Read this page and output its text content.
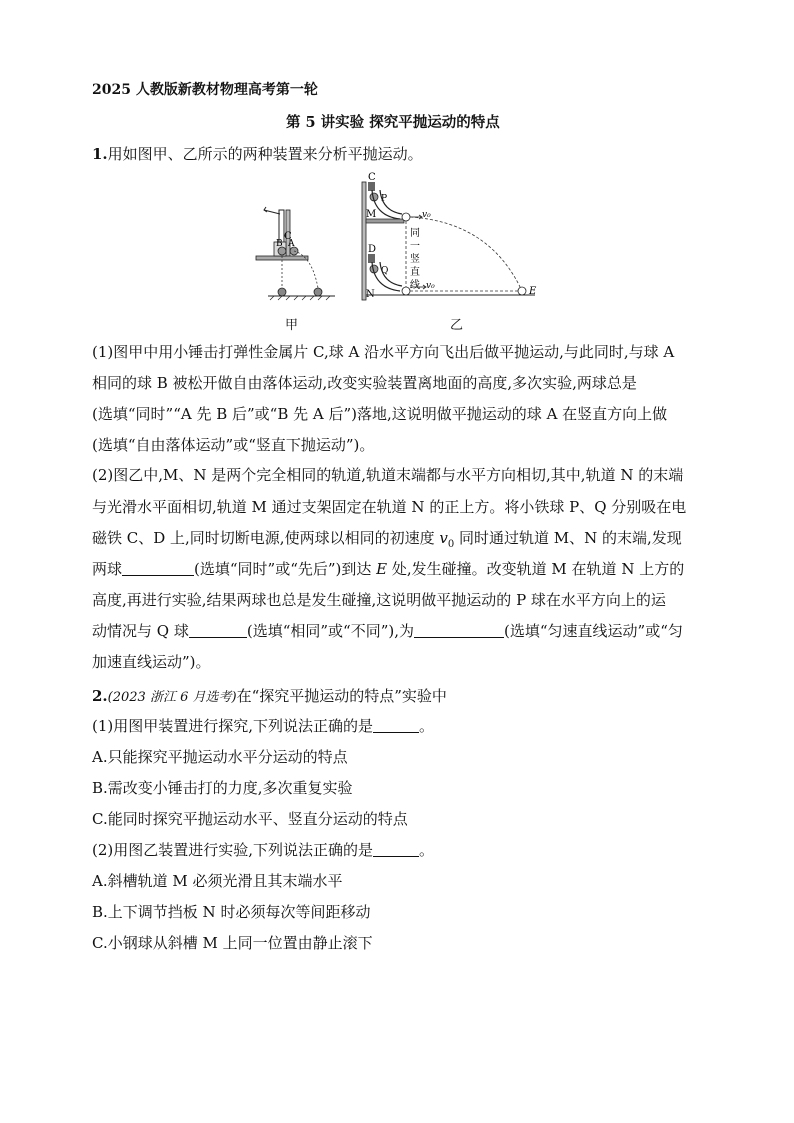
2025 人教版新教材物理高考第一轮
第 5 讲实验 探究平抛运动的特点
1.用如图甲、乙所示的两种装置来分析平抛运动。
C
B A
C
P
M	v₀
同
一
竖
直
线
D
Q
N
v₀	E
甲	乙
(1)图甲中用小锤击打弹性金属片 C,球 A 沿水平方向飞出后做平抛运动,与此同时,与球 A
相同的球 B 被松开做自由落体运动,改变实验装置离地面的高度,多次实验,两球总是
(选填“同时”“A 先 B 后”或“B 先 A 后”)落地,这说明做平抛运动的球 A 在竖直方向上做
(选填“自由落体运动”或“竖直下抛运动”)。
(2)图乙中,M、N 是两个完全相同的轨道,轨道末端都与水平方向相切,其中,轨道 N 的末端
与光滑水平面相切,轨道 M 通过支架固定在轨道 N 的正上方。将小铁球 P、Q 分别吸在电
磁铁 C、D 上,同时切断电源,使两球以相同的初速度 $v_0$ 同时通过轨道 M、N 的末端,发现
两球	(选填“同时”或“先后”)到达 E 处,发生碰撞。改变轨道 M 在轨道 N 上方的
高度,再进行实验,结果两球也总是发生碰撞,这说明做平抛运动的 P 球在水平方向上的运
动情况与 Q 球	(选填“相同”或“不同”),为	(选填“匀速直线运动”或“匀
加速直线运动”)。
2.(2023 浙江 6 月选考)在“探究平抛运动的特点”实验中
(1)用图甲装置进行探究,下列说法正确的是	。
A.只能探究平抛运动水平分运动的特点
B.需改变小锤击打的力度,多次重复实验
C.能同时探究平抛运动水平、竖直分运动的特点
(2)用图乙装置进行实验,下列说法正确的是	。
A.斜槽轨道 M 必须光滑且其末端水平
B.上下调节挡板 N 时必须每次等间距移动
C.小钢球从斜槽 M 上同一位置由静止滚下
